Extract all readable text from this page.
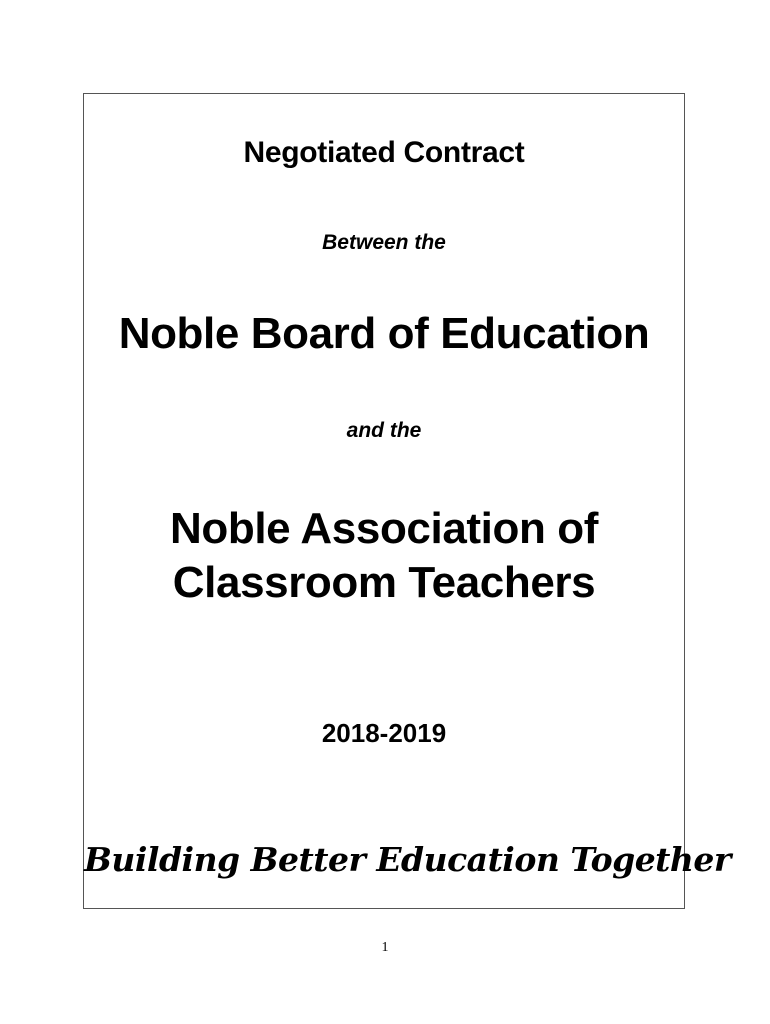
Negotiated Contract
Between the
Noble Board of Education
and the
Noble Association of
Classroom Teachers
2018-2019
Building Better Education Together
1
